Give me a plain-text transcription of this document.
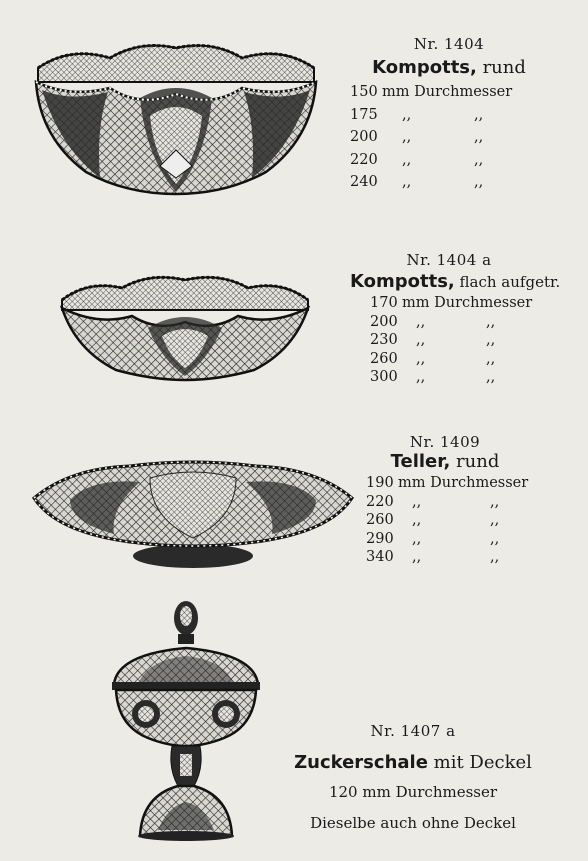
Nr. 1404
Kompotts, rund
150 mm Durchmesser
175 ,,	,,
200 ,,	,,
220 ,,	,,
240 ,,	,,
Nr. 1404 a
Kompotts, flach aufgetr.
170 mm Durchmesser
200 ,,	,,
230 ,,	,,
260 ,,	,,
300 ,,	,,
Nr. 1409
Teller, rund
190 mm Durchmesser
220 ,,	,,
260 ,,	,,
290 ,,	,,
340 ,,	,,
Nr. 1407 a
Zuckerschale mit Deckel
120 mm Durchmesser
Dieselbe auch ohne Deckel
